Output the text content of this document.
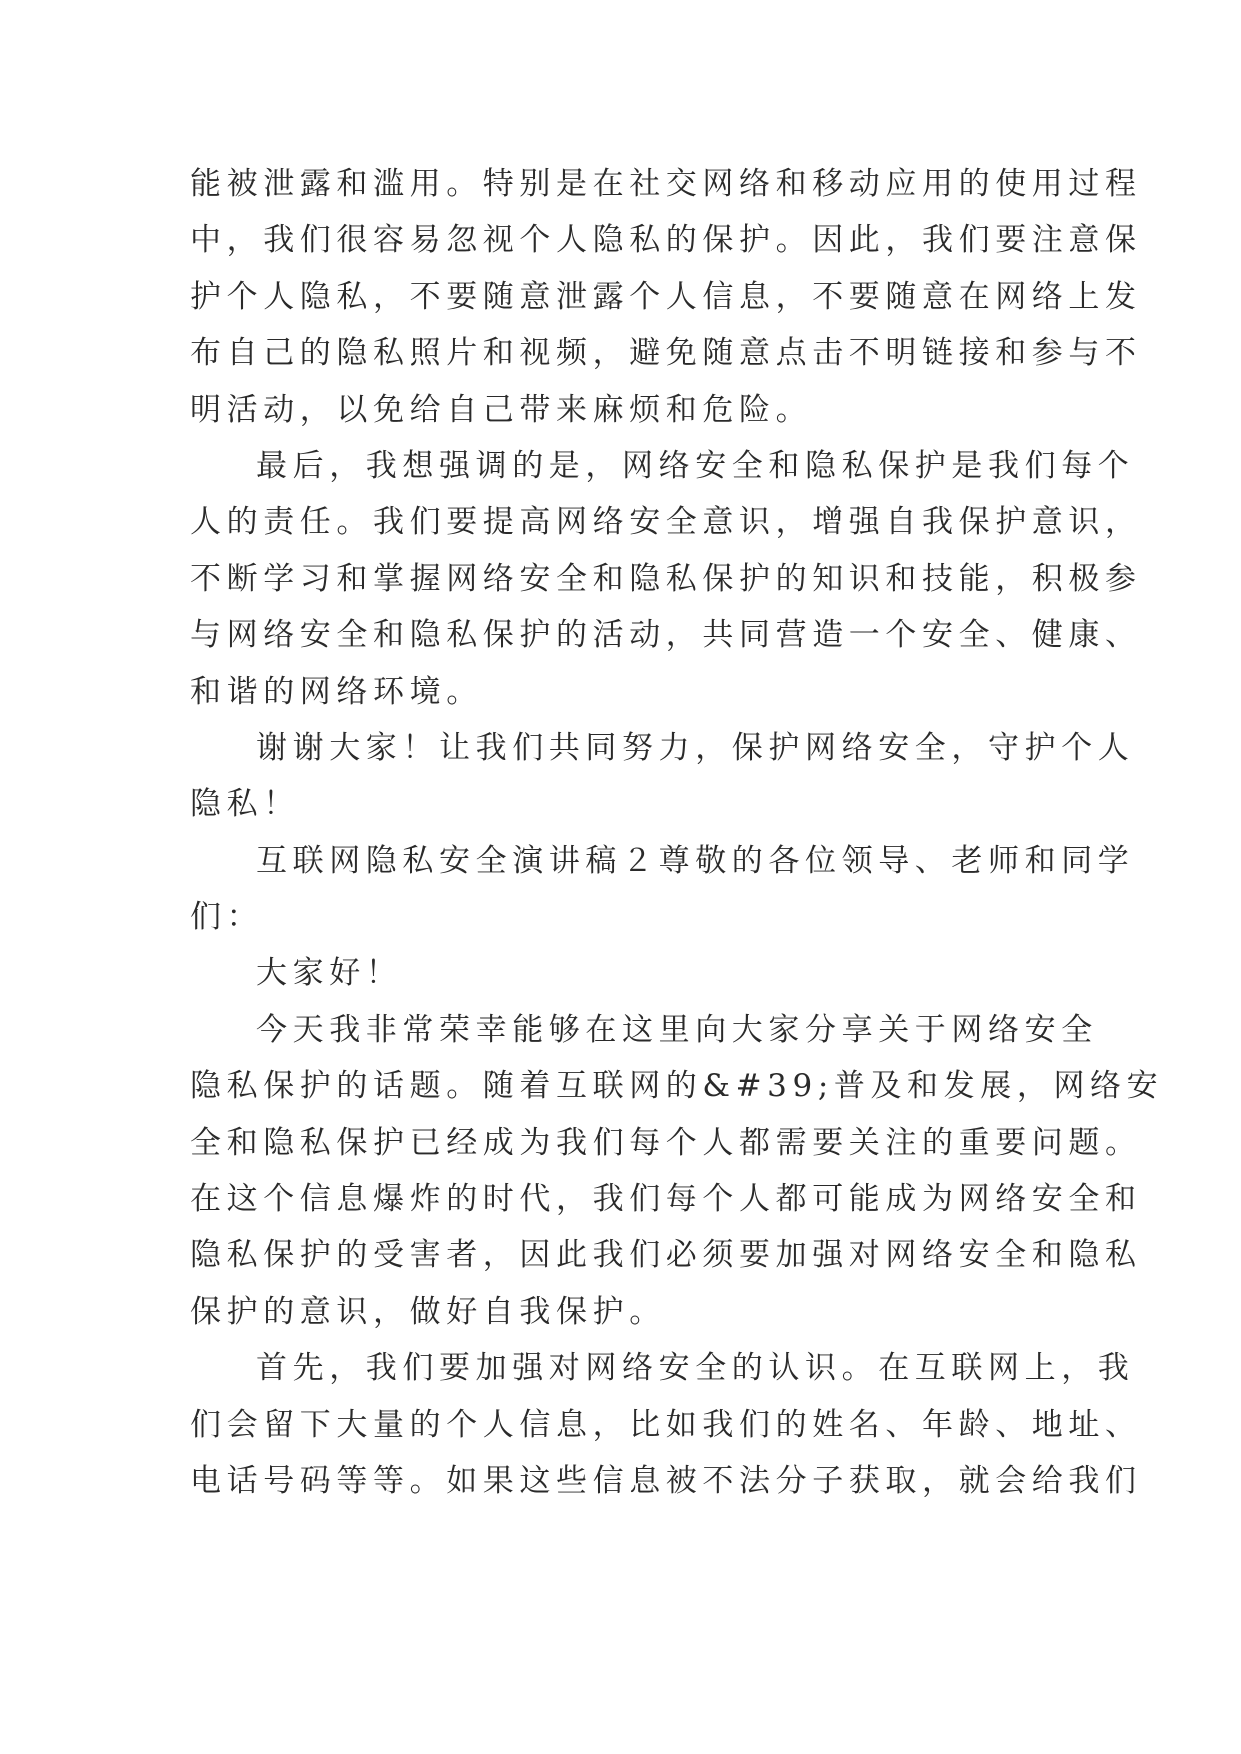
能被泄露和滥用。特别是在社交网络和移动应用的使用过程
中，我们很容易忽视个人隐私的保护。因此，我们要注意保
护个人隐私，不要随意泄露个人信息，不要随意在网络上发
布自己的隐私照片和视频，避免随意点击不明链接和参与不
明活动，以免给自己带来麻烦和危险。
最后，我想强调的是，网络安全和隐私保护是我们每个
人的责任。我们要提高网络安全意识，增强自我保护意识，
不断学习和掌握网络安全和隐私保护的知识和技能，积极参
与网络安全和隐私保护的活动，共同营造一个安全、健康、
和谐的网络环境。
谢谢大家！让我们共同努力，保护网络安全，守护个人
隐私！
互联网隐私安全演讲稿２尊敬的各位领导、老师和同学
们：
大家好！
今天我非常荣幸能够在这里向大家分享关于网络安全
隐私保护的话题。随着互联网的&#39;普及和发展，网络安
全和隐私保护已经成为我们每个人都需要关注的重要问题。
在这个信息爆炸的时代，我们每个人都可能成为网络安全和
隐私保护的受害者，因此我们必须要加强对网络安全和隐私
保护的意识，做好自我保护。
首先，我们要加强对网络安全的认识。在互联网上，我
们会留下大量的个人信息，比如我们的姓名、年龄、地址、
电话号码等等。如果这些信息被不法分子获取，就会给我们
